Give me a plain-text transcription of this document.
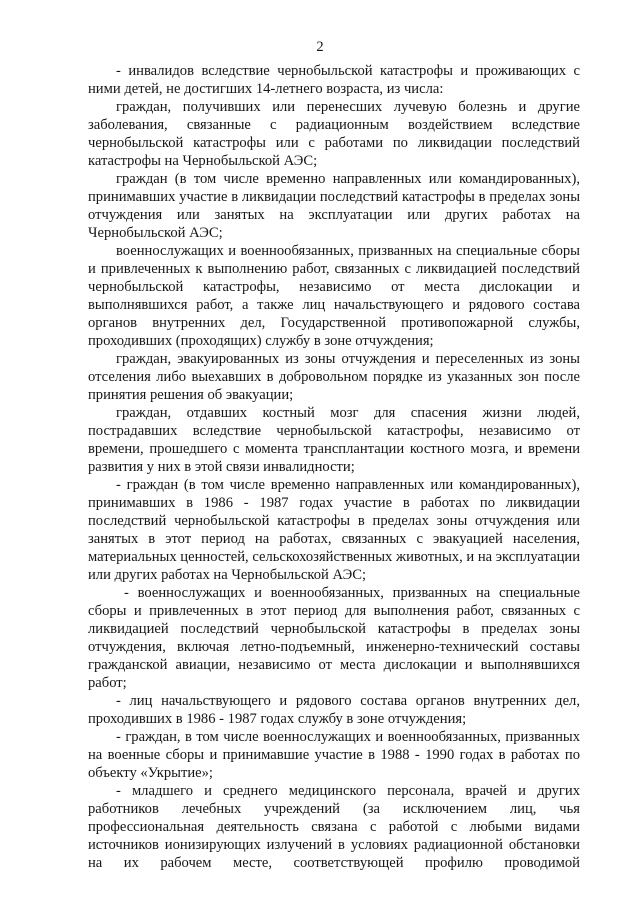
2

- инвалидов вследствие чернобыльской катастрофы и проживающих с ними детей, не достигших 14-летнего возраста, из числа:

граждан, получивших или перенесших лучевую болезнь и другие заболевания, связанные с радиационным воздействием вследствие чернобыльской катастрофы или с работами по ликвидации последствий катастрофы на Чернобыльской АЭС;

граждан (в том числе временно направленных или командированных), принимавших участие в ликвидации последствий катастрофы в пределах зоны отчуждения или занятых на эксплуатации или других работах на Чернобыльской АЭС;

военнослужащих и военнообязанных, призванных на специальные сборы и привлеченных к выполнению работ, связанных с ликвидацией последствий чернобыльской катастрофы, независимо от места дислокации и выполнявшихся работ, а также лиц начальствующего и рядового состава органов внутренних дел, Государственной противопожарной службы, проходивших (проходящих) службу в зоне отчуждения;

граждан, эвакуированных из зоны отчуждения и переселенных из зоны отселения либо выехавших в добровольном порядке из указанных зон после принятия решения об эвакуации;

граждан, отдавших костный мозг для спасения жизни людей, пострадавших вследствие чернобыльской катастрофы, независимо от времени, прошедшего с момента трансплантации костного мозга, и времени развития у них в этой связи инвалидности;

- граждан (в том числе временно направленных или командированных), принимавших в 1986 - 1987 годах участие в работах по ликвидации последствий чернобыльской катастрофы в пределах зоны отчуждения или занятых в этот период на работах, связанных с эвакуацией населения, материальных ценностей, сельскохозяйственных животных, и на эксплуатации или других работах на Чернобыльской АЭС;

- военнослужащих и военнообязанных, призванных на специальные сборы и привлеченных в этот период для выполнения работ, связанных с ликвидацией последствий чернобыльской катастрофы в пределах зоны отчуждения, включая летно-подъемный, инженерно-технический составы гражданской авиации, независимо от места дислокации и выполнявшихся работ;

- лиц начальствующего и рядового состава органов внутренних дел, проходивших в 1986 - 1987 годах службу в зоне отчуждения;

- граждан, в том числе военнослужащих и военнообязанных, призванных на военные сборы и принимавшие участие в 1988 - 1990 годах в работах по объекту «Укрытие»;

- младшего и среднего медицинского персонала, врачей и других работников лечебных учреждений (за исключением лиц, чья профессиональная деятельность связана с работой с любыми видами источников ионизирующих излучений в условиях радиационной обстановки на их рабочем месте, соответствующей профилю проводимой
